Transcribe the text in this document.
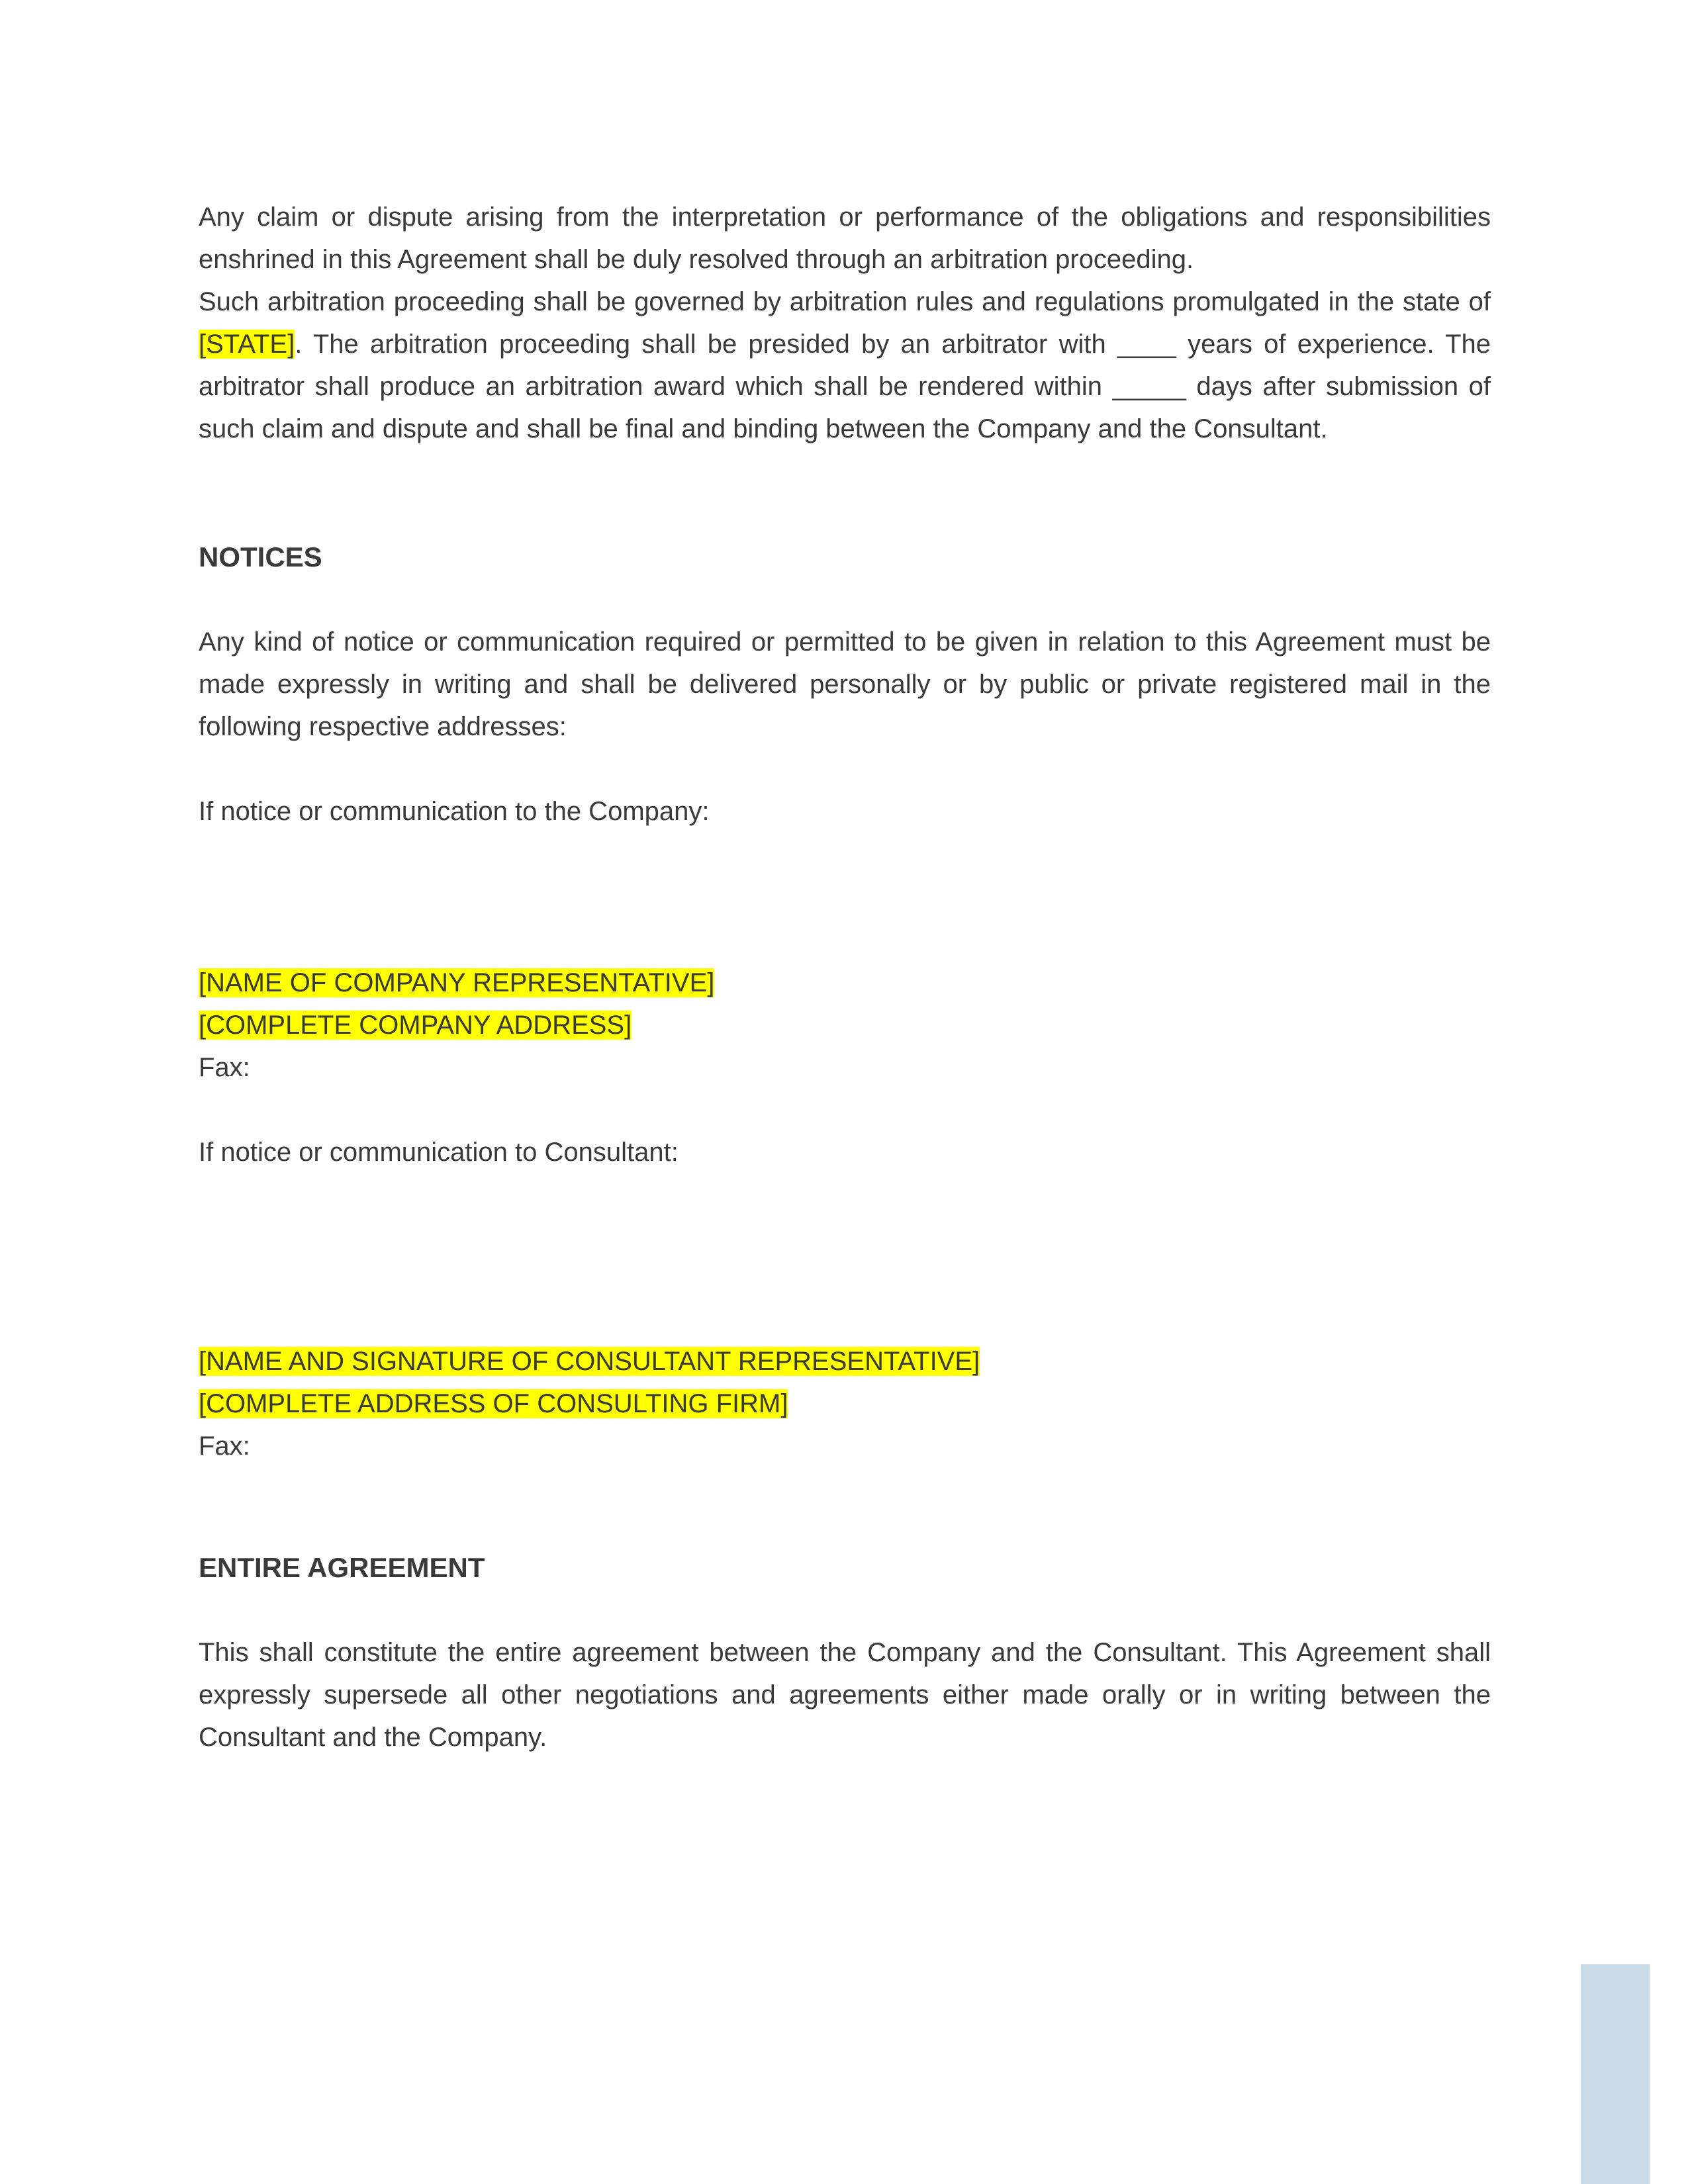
Any claim or dispute arising from the interpretation or performance of the obligations and responsibilities enshrined in this Agreement shall be duly resolved through an arbitration proceeding.

Such arbitration proceeding shall be governed by arbitration rules and regulations promulgated in the state of [STATE]. The arbitration proceeding shall be presided by an arbitrator with ____ years of experience. The arbitrator shall produce an arbitration award which shall be rendered within _____ days after submission of such claim and dispute and shall be final and binding between the Company and the Consultant.

NOTICES

Any kind of notice or communication required or permitted to be given in relation to this Agreement must be made expressly in writing and shall be delivered personally or by public or private registered mail in the following respective addresses:

If notice or communication to the Company:

[NAME OF COMPANY REPRESENTATIVE]

[COMPLETE COMPANY ADDRESS]

Fax:

If notice or communication to Consultant:

[NAME AND SIGNATURE OF CONSULTANT REPRESENTATIVE]

[COMPLETE ADDRESS OF CONSULTING FIRM]

Fax:

ENTIRE AGREEMENT

This shall constitute the entire agreement between the Company and the Consultant. This Agreement shall expressly supersede all other negotiations and agreements either made orally or in writing between the Consultant and the Company.
